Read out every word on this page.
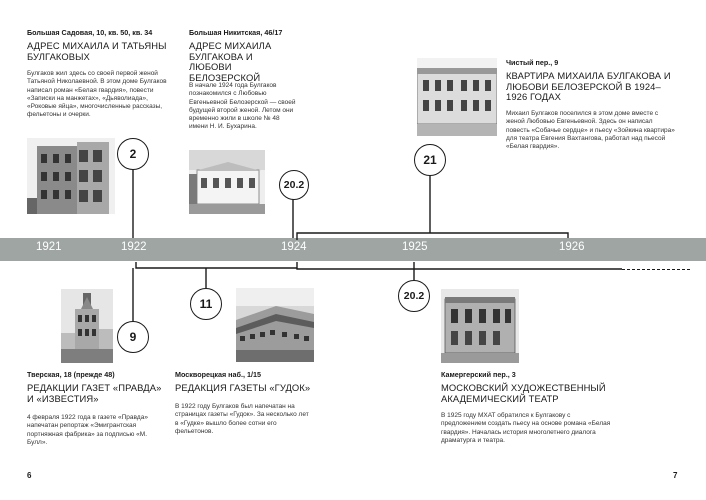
Большая Садовая, 10, кв. 50, кв. 34
АДРЕС МИХАИЛА И ТАТЬЯНЫ БУЛГАКОВЫХ
Булгаков жил здесь со своей первой женой Татьяной Николаевной. В этом доме Булгаков написал роман «Белая гвардия», повести «Записки на манжетах», «Дьяволиада», «Роковые яйца», многочисленные рассказы, фельетоны и очерки.
Большая Никитская, 46/17
АДРЕС МИХАИЛА БУЛГАКОВА И ЛЮБОВИ БЕЛОЗЕРСКОЙ
В начале 1924 года Булгаков познакомился с Любовью Евгеньевной Белозерской — своей будущей второй женой. Летом они временно жили в школе № 48 имени Н. И. Бухарина.
Чистый пер., 9
КВАРТИРА МИХАИЛА БУЛГАКОВА И ЛЮБОВИ БЕЛОЗЕРСКОЙ В 1924–1926 ГОДАХ
Михаил Булгаков поселился в этом доме вместе с женой Любовью Евгеньевной. Здесь он написал повесть «Собачье сердце» и пьесу «Зойкина квартира» для театра Евгения Вахтангова, работал над пьесой «Белая гвардия».
1921	1922	1924	1925	1926
2
20.2
21
9
11
20.2
Тверская, 18 (прежде 48)
РЕДАКЦИИ ГАЗЕТ «ПРАВДА» И «ИЗВЕСТИЯ»
4 февраля 1922 года в газете «Правда» напечатан репортаж «Эмигрантская портняжная фабрика» за подписью «М. Булл».
Москворецкая наб., 1/15
РЕДАКЦИЯ ГАЗЕТЫ «ГУДОК»
В 1922 году Булгаков был напечатан на страницах газеты «Гудок». За несколько лет в «Гудке» вышло более сотни его фельетонов.
Камергерский пер., 3
МОСКОВСКИЙ ХУДОЖЕСТВЕННЫЙ АКАДЕМИЧЕСКИЙ ТЕАТР
В 1925 году МХАТ обратился к Булгакову с предложением создать пьесу на основе романа «Белая гвардия». Началась история многолетнего диалога драматурга и театра.
6	7
